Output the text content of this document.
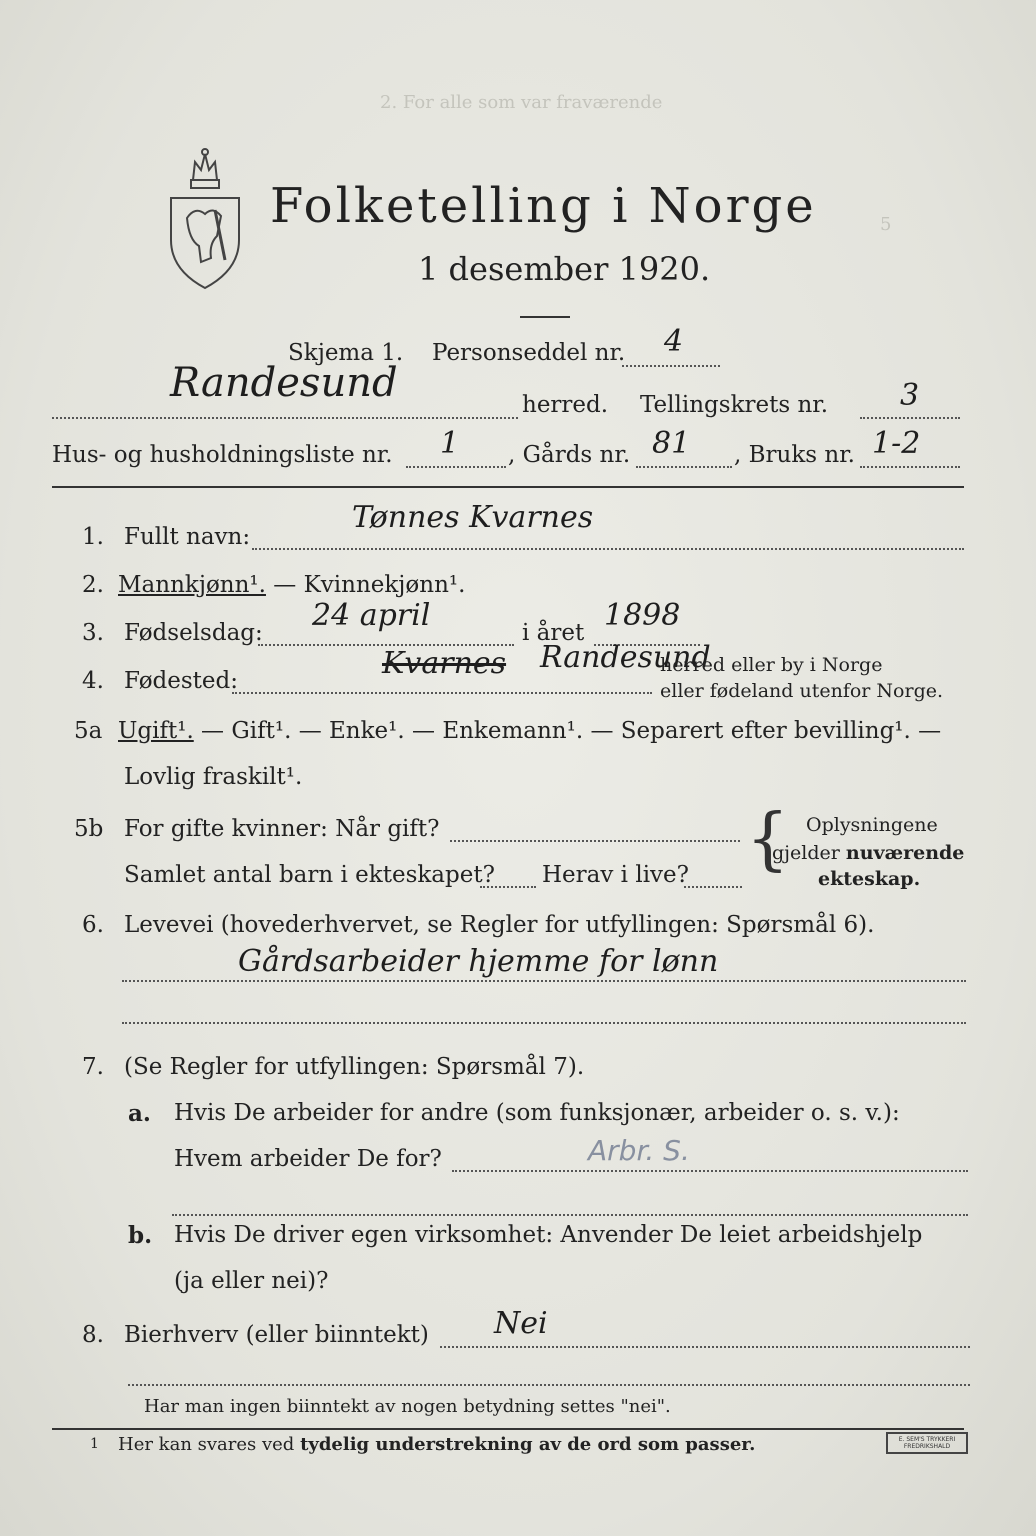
2. For alle som var fraværende
5
Folketelling i Norge
1 desember 1920.
Skjema 1. Personseddel nr. 4
Randesund	herred. Tellingskrets nr. 3
Hus- og husholdningsliste nr. 1 , Gårds nr. 81 , Bruks nr. 1-2
1. Fullt navn:
Tønnes Kvarnes
2. Mannkjønn¹. — Kvinnekjønn¹.
3. Fødselsdag: 24 april	i året 1898
4. Fødested:	Kvarnes Randesund
herred eller by i Norge
eller fødeland utenfor Norge.
5a Ugift¹. — Gift¹. — Enke¹. — Enkemann¹. — Separert efter bevilling¹. —
Lovlig fraskilt¹.
5b For gifte kvinner: Når gift?
Samlet antal barn i ekteskapet? Herav i live? { Oplysningene
gjelder nuværende
ekteskap.
6. Levevei (hovederhvervet, se Regler for utfyllingen: Spørsmål 6).
Gårdsarbeider hjemme for lønn
7. (Se Regler for utfyllingen: Spørsmål 7).
a. Hvis De arbeider for andre (som funksjonær, arbeider o. s. v.):
Hvem arbeider De for?	Arbr. S.
b. Hvis De driver egen virksomhet: Anvender De leiet arbeidshjelp
(ja eller nei)?
8. Bierhverv (eller biinntekt) Nei
Har man ingen biinntekt av nogen betydning settes "nei".
1 Her kan svares ved tydelig understrekning av de ord som passer.	E. SEM'S TRYKKERI
FREDRIKSHALD
